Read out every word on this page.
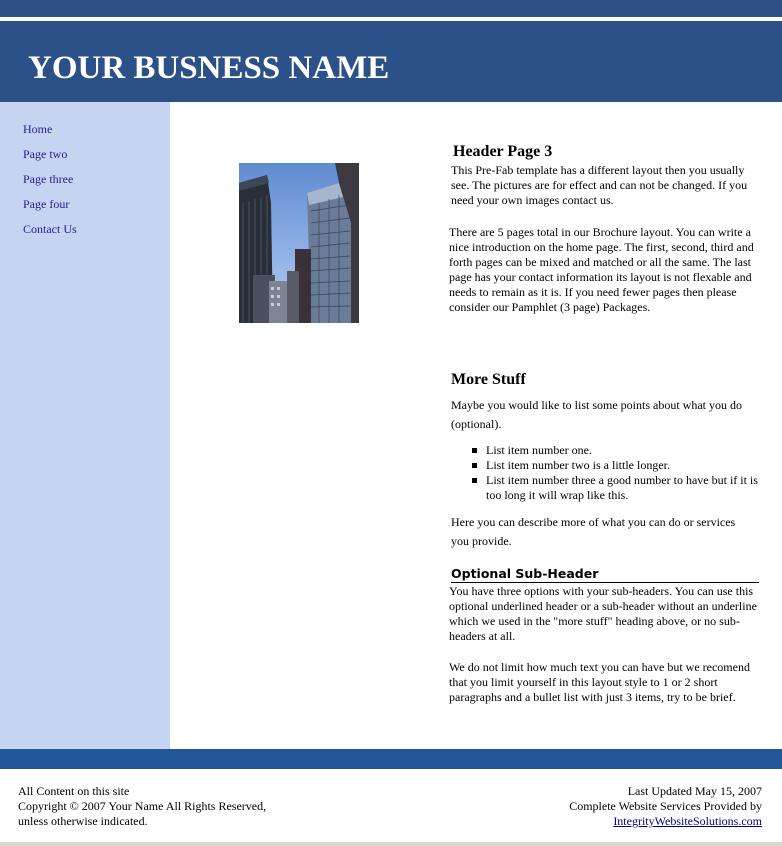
YOUR BUSNESS NAME
Home
Page two
Page three
Page four
Contact Us
Header Page 3

This Pre-Fab template has a different layout then you usually see. The pictures are for effect and can not be changed. If you need your own images contact us.

There are 5 pages total in our Brochure layout. You can write a nice introduction on the home page. The first, second, third and forth pages can be mixed and matched or all the same. The last page has your contact information its layout is not flexable and needs to remain as it is. If you need fewer pages then please consider our Pamphlet (3 page) Packages.

More Stuff

Maybe you would like to list some points about what you do (optional).

List item number one.
List item number two is a little longer.
List item number three a good number to have but if it is too long it will wrap like this.

Here you can describe more of what you can do or services you provide.

Optional Sub-Header

You have three options with your sub-headers. You can use this optional underlined header or a sub-header without an underline which we used in the "more stuff" heading above, or no sub-headers at all.

We do not limit how much text you can have but we recomend that you limit yourself in this layout style to 1 or 2 short paragraphs and a bullet list with just 3 items, try to be brief.

All Content on this site
Copyright © 2007 Your Name All Rights Reserved,
unless otherwise indicated.
Last Updated May 15, 2007
Complete Website Services Provided by
IntegrityWebsiteSolutions.com
